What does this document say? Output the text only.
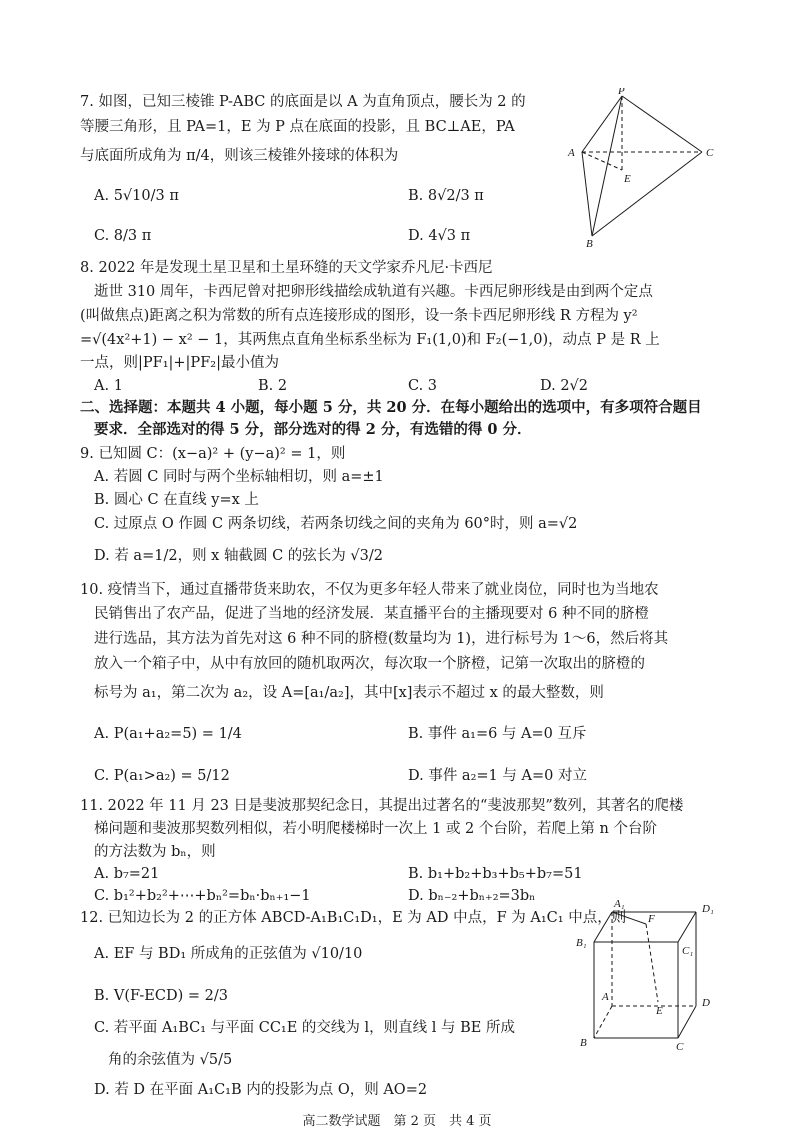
7. 如图，已知三棱锥 P-ABC 的底面是以 A 为直角顶点，腰长为 2 的
等腰三角形，且 PA=1，E 为 P 点在底面的投影，且 BC⊥AE，PA
与底面所成角为 π/4，则该三棱锥外接球的体积为
A. 5√10/3 π	B. 8√2/3 π
C. 8/3 π	D. 4√3 π
P
A	C
E
B
8. 2022 年是发现土星卫星和土星环缝的天文学家乔凡尼·卡西尼
逝世 310 周年，卡西尼曾对把卵形线描绘成轨道有兴趣。卡西尼卵形线是由到两个定点
(叫做焦点)距离之积为常数的所有点连接形成的图形，设一条卡西尼卵形线 R 方程为 y²
=√(4x²+1) − x² − 1，其两焦点直角坐标系坐标为 F₁(1,0)和 F₂(−1,0)，动点 P 是 R 上
一点，则|PF₁|+|PF₂|最小值为
A. 1	B. 2	C. 3	D. 2√2
二、选择题：本题共 4 小题，每小题 5 分，共 20 分．在每小题给出的选项中，有多项符合题目
要求．全部选对的得 5 分，部分选对的得 2 分，有选错的得 0 分．
9. 已知圆 C：(x−a)² + (y−a)² = 1，则
A. 若圆 C 同时与两个坐标轴相切，则 a=±1
B. 圆心 C 在直线 y=x 上
C. 过原点 O 作圆 C 两条切线，若两条切线之间的夹角为 60°时，则 a=√2
D. 若 a=1/2，则 x 轴截圆 C 的弦长为 √3/2
10. 疫情当下，通过直播带货来助农，不仅为更多年轻人带来了就业岗位，同时也为当地农
民销售出了农产品，促进了当地的经济发展．某直播平台的主播现要对 6 种不同的脐橙
进行选品，其方法为首先对这 6 种不同的脐橙(数量均为 1)，进行标号为 1～6，然后将其
放入一个箱子中，从中有放回的随机取两次，每次取一个脐橙，记第一次取出的脐橙的
标号为 a₁，第二次为 a₂，设 A=[a₁/a₂]，其中[x]表示不超过 x 的最大整数，则
A. P(a₁+a₂=5) = 1/4	B. 事件 a₁=6 与 A=0 互斥
C. P(a₁>a₂) = 5/12	D. 事件 a₂=1 与 A=0 对立
11. 2022 年 11 月 23 日是斐波那契纪念日，其提出过著名的“斐波那契”数列，其著名的爬楼
梯问题和斐波那契数列相似，若小明爬楼梯时一次上 1 或 2 个台阶，若爬上第 n 个台阶
的方法数为 bₙ，则
A. b₇=21	B. b₁+b₂+b₃+b₅+b₇=51
C. b₁²+b₂²+⋯+bₙ²=bₙ·bₙ₊₁−1	D. bₙ₋₂+bₙ₊₂=3bₙ
12. 已知边长为 2 的正方体 ABCD-A₁B₁C₁D₁，E 为 AD 中点，F 为 A₁C₁ 中点，则
A. EF 与 BD₁ 所成角的正弦值为 √10/10
B. V(F-ECD) = 2/3
C. 若平面 A₁BC₁ 与平面 CC₁E 的交线为 l，则直线 l 与 BE 所成
角的余弦值为 √5/5
D. 若 D 在平面 A₁C₁B 内的投影为点 O，则 AO=2
A₁
F
D₁
B₁
C₁
A
E
D
B	C
高二数学试题　第 2 页　共 4 页
